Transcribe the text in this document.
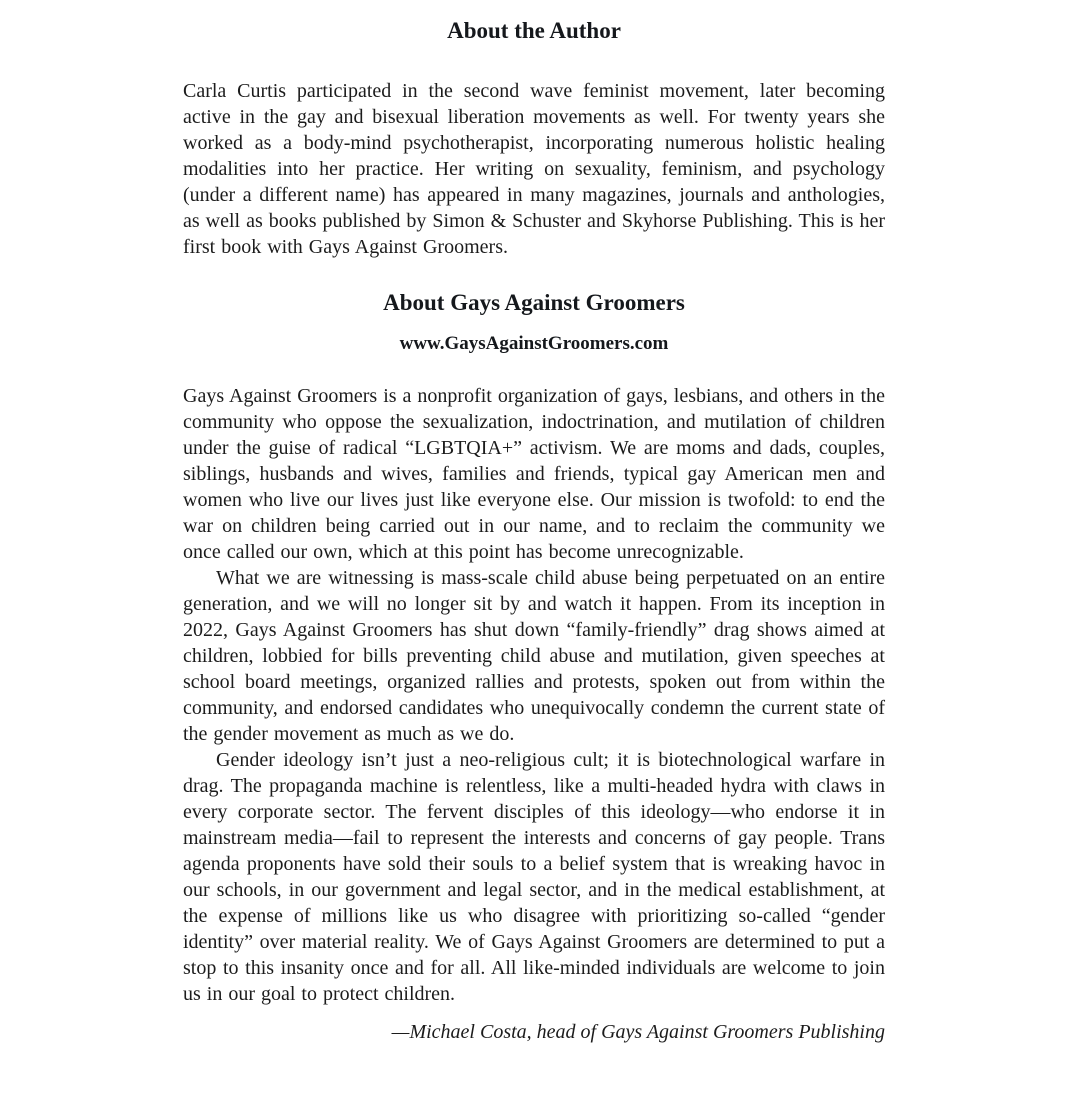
About the Author

Carla Curtis participated in the second wave feminist movement, later becoming active in the gay and bisexual liberation movements as well. For twenty years she worked as a body-mind psychotherapist, incorporating numerous holistic healing modalities into her practice. Her writing on sexuality, feminism, and psychology (under a different name) has appeared in many magazines, journals and anthologies, as well as books published by Simon & Schuster and Skyhorse Publishing. This is her first book with Gays Against Groomers.

About Gays Against Groomers
www.GaysAgainstGroomers.com

Gays Against Groomers is a nonprofit organization of gays, lesbians, and others in the community who oppose the sexualization, indoctrination, and mutilation of children under the guise of radical “LGBTQIA+” activism. We are moms and dads, couples, siblings, husbands and wives, families and friends, typical gay American men and women who live our lives just like everyone else. Our mission is twofold: to end the war on children being carried out in our name, and to reclaim the community we once called our own, which at this point has become unrecognizable.

What we are witnessing is mass-scale child abuse being perpetuated on an entire generation, and we will no longer sit by and watch it happen. From its inception in 2022, Gays Against Groomers has shut down “family-friendly” drag shows aimed at children, lobbied for bills preventing child abuse and mutilation, given speeches at school board meetings, organized rallies and protests, spoken out from within the community, and endorsed candidates who unequivocally condemn the current state of the gender movement as much as we do.

Gender ideology isn’t just a neo-religious cult; it is biotechnological warfare in drag. The propaganda machine is relentless, like a multi-headed hydra with claws in every corporate sector. The fervent disciples of this ideology—who endorse it in mainstream media—fail to represent the interests and concerns of gay people. Trans agenda proponents have sold their souls to a belief system that is wreaking havoc in our schools, in our government and legal sector, and in the medical establishment, at the expense of millions like us who disagree with prioritizing so-called “gender identity” over material reality. We of Gays Against Groomers are determined to put a stop to this insanity once and for all. All like-minded individuals are welcome to join us in our goal to protect children.

—Michael Costa, head of Gays Against Groomers Publishing
